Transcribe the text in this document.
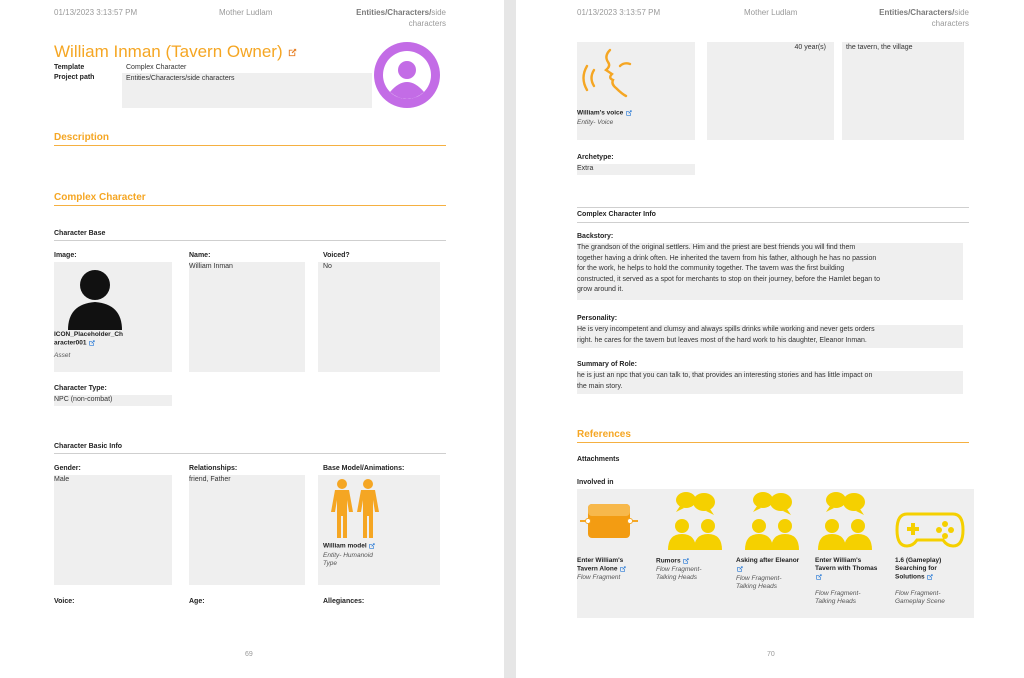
01/13/2023 3:13:57 PM	Mother Ludlam	Entities/Characters/side
characters
William Inman (Tavern Owner)
Template	Complex Character
Project path	Entities/Characters/side characters
Description
Complex Character
Character Base
Image:
ICON_Placeholder_Ch
aracter001
Asset
Name:
William Inman
Voiced?
No
Character Type:
NPC (non-combat)
Character Basic Info
Gender:
Male
Relationships:
friend, Father
Base Model/Animations:
William model
Entity- Humanoid
Type
Voice:	Age:	Allegiances:
69
01/13/2023 3:13:57 PM	Mother Ludlam	Entities/Characters/side
characters
William's voice
Entity- Voice
40 year(s)	the tavern, the village
Archetype:
Extra
Complex Character Info
Backstory:
The grandson of the original settlers. Him and the priest are best friends you will find them
together having a drink often. He inherited the tavern from his father, although he has no passion
for the work, he helps to hold the community together. The tavern was the first building
constructed, it served as a spot for merchants to stop on their journey, before the Hamlet began to
grow around it.
Personality:
He is very incompetent and clumsy and always spills drinks while working and never gets orders
right. he cares for the tavern but leaves most of the hard work to his daughter, Eleanor Inman.
Summary of Role:
he is just an npc that you can talk to, that provides an interesting stories and has little impact on
the main story.
References
Attachments
Involved in
Enter William's
Tavern Alone
Flow Fragment
Rumors
Flow Fragment-
Talking Heads
Asking after Eleanor
Flow Fragment-
Talking Heads
Enter William's
Tavern with Thomas
Flow Fragment-
Talking Heads
1.6 (Gameplay)
Searching for
Solutions
Flow Fragment-
Gameplay Scene
70
